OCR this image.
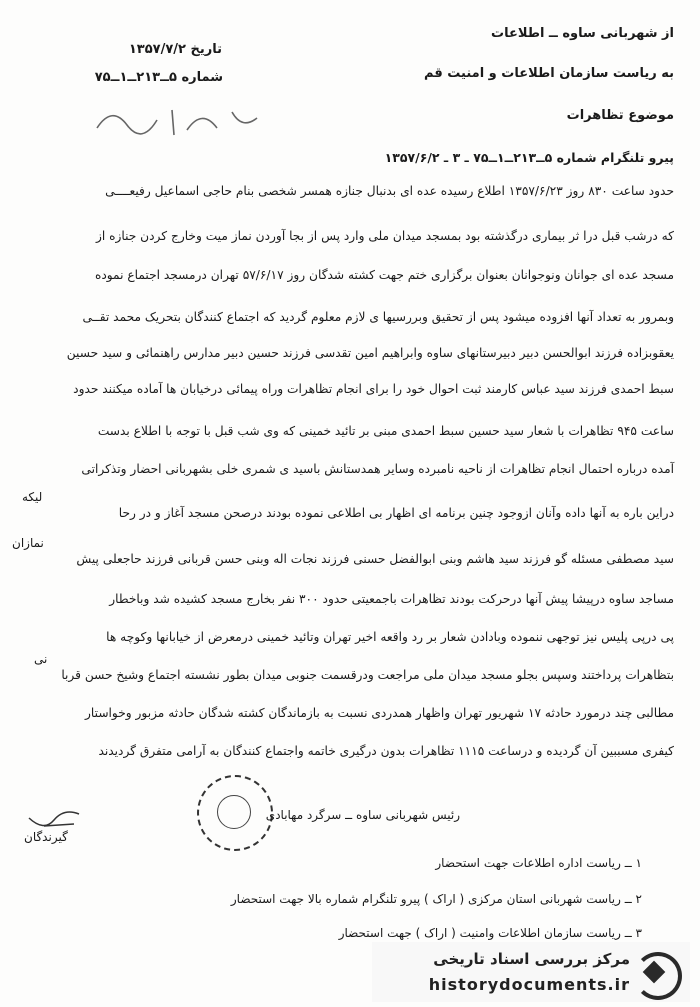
از شهربانی ساوه ــ اطلاعات
تاریخ ۱۳۵۷/۷/۲
به ریاست سازمان اطلاعات و امنیت قم
شماره ۵ــ۲۱۳ــ۱ــ۷۵
موضوع تظاهرات
پیرو تلنگرام شماره ۵ــ۲۱۳ــ۱ــ۷۵ ـ ۳ ـ ۱۳۵۷/۶/۲
حدود ساعت ۸۳۰ روز ۱۳۵۷/۶/۲۳ اطلاع رسیده عده ای بدنبال جنازه همسر شخصی بنام حاجی اسماعیل رفیعــــی
که درشب قبل درا ثر بیماری درگذشته بود بمسجد میدان ملی وارد پس از بجا آوردن نماز میت وخارج کردن جنازه از
مسجد عده ای جوانان ونوجوانان بعنوان برگزاری ختم جهت کشته شدگان روز ۵۷/۶/۱۷ تهران درمسجد اجتماع نموده
وبمرور به تعداد آنها افزوده میشود پس از تحقیق وبررسیها ی لازم معلوم گردید که اجتماع کنندگان بتحریک محمد تقــی
یعقوبزاده فرزند ابوالحسن دبیر دبیرستانهای ساوه وابراهیم امین تقدسی فرزند حسین دبیر مدارس راهنمائی و سید حسین
سبط احمدی فرزند سید عباس کارمند ثبت احوال خود را برای انجام تظاهرات وراه پیمائی درخیابان ها آماده میکنند حدود
ساعت ۹۴۵ تظاهرات با شعار سید حسین سبط احمدی مبنی بر تائید خمینی که وی شب قبل با توجه با اطلاع بدست
آمده درباره احتمال انجام تظاهرات از ناحیه نامبرده وسایر همدستانش باسید ی شمری خلی بشهربانی احضار وتذکراتی
لیکه
دراین باره به آنها داده وآنان ازوجود چنین برنامه ای اظهار بی اطلاعی نموده بودند درصحن مسجد آغاز و در رحا
نمازان
سید مصطفی مسئله گو فرزند سید هاشم وبنی ابوالفضل حسنی فرزند نجات اله وبنی حسن قربانی فرزند حاجعلی پیش
مساجد ساوه درپیشا پیش آنها درحرکت بودند تظاهرات باجمعیتی حدود ۳۰۰ نفر بخارج مسجد کشیده شد وباخطار
پی درپی پلیس نیز توجهی ننموده وبادادن شعار بر رد واقعه اخیر تهران وتائید خمینی درمعرض از خیابانها وکوچه ها
نی
بتظاهرات پرداختند وسپس بجلو مسجد میدان ملی مراجعت ودرقسمت جنوبی میدان بطور نشسته اجتماع وشیخ حسن قربا
مطالبی چند درمورد حادثه ۱۷ شهریور تهران واظهار همدردی نسبت به بازماندگان کشته شدگان حادثه مزبور وخواستار
کیفری مسببین آن گردیده و درساعت ۱۱۱۵ تظاهرات بدون درگیری خاتمه واجتماع کنندگان به آرامی متفرق گردیدند
رئیس شهربانی ساوه ــ سرگرد مهابادی
گیرندگان
۱ ــ ریاست اداره اطلاعات جهت استحضار
۲ ــ ریاست شهربانی استان مرکزی ( اراک ) پیرو تلنگرام شماره بالا جهت استحضار
۳ ــ ریاست سازمان اطلاعات وامنیت ( اراک ) جهت استحضار
مرکز بررسی اسناد تاریخی
historydocuments.ir
